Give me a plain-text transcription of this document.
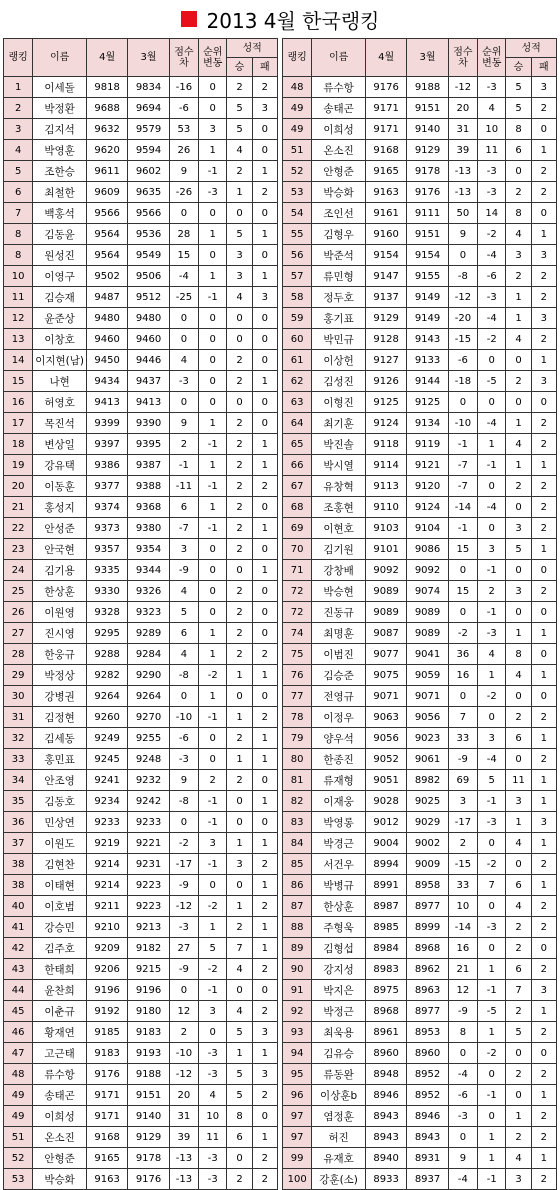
2013 4월 한국랭킹
랭킹	이름	4월	3월	점수차	순위변동	성적	
						승	패
1	이세돌	9818	9834	-16	0	2	2
2	박정환	9688	9694	-6	0	5	3
3	김지석	9632	9579	53	3	5	0
4	박영훈	9620	9594	26	1	4	0
5	조한승	9611	9602	9	-1	2	1
6	최철한	9609	9635	-26	-3	1	2
7	백홍석	9566	9566	0	0	0	0
8	김동윤	9564	9536	28	1	5	1
8	원성진	9564	9549	15	0	3	0
10	이영구	9502	9506	-4	1	3	1
11	김승재	9487	9512	-25	-1	4	3
12	윤준상	9480	9480	0	0	0	0
13	이창호	9460	9460	0	0	0	0
14	이지현(남)	9450	9446	4	0	2	0
15	나현	9434	9437	-3	0	2	1
16	허영호	9413	9413	0	0	0	0
17	목진석	9399	9390	9	1	2	0
18	변상일	9397	9395	2	-1	2	1
19	강유택	9386	9387	-1	1	2	1
20	이동훈	9377	9388	-11	-1	2	2
21	홍성지	9374	9368	6	1	2	0
22	안성준	9373	9380	-7	-1	2	1
23	안국현	9357	9354	3	0	2	0
24	김기용	9335	9344	-9	0	0	1
25	한상훈	9330	9326	4	0	2	0
26	이원영	9328	9323	5	0	2	0
27	진시영	9295	9289	6	1	2	0
28	한웅규	9288	9284	4	1	2	2
29	박정상	9282	9290	-8	-2	1	1
30	강병권	9264	9264	0	1	0	0
31	김정현	9260	9270	-10	-1	1	2
32	김세동	9249	9255	-6	0	2	1
33	홍민표	9245	9248	-3	0	1	1
34	안조영	9241	9232	9	2	2	0
35	김동호	9234	9242	-8	-1	0	1
36	민상연	9233	9233	0	-1	0	0
37	이원도	9219	9221	-2	3	1	1
38	김현찬	9214	9231	-17	-1	3	2
38	이태현	9214	9223	-9	0	0	1
40	이호범	9211	9223	-12	-2	1	2
41	강승민	9210	9213	-3	1	2	1
42	김주호	9209	9182	27	5	7	1
43	한태희	9206	9215	-9	-2	4	2
44	윤찬희	9196	9196	0	-1	0	0
45	이춘규	9192	9180	12	3	4	2
46	황재연	9185	9183	2	0	5	3
47	고근태	9183	9193	-10	-3	1	1
48	류수항	9176	9188	-12	-3	5	3
49	송태곤	9171	9151	20	4	5	2
49	이희성	9171	9140	31	10	8	0
51	온소진	9168	9129	39	11	6	1
52	안형준	9165	9178	-13	-3	0	2
53	박승화	9163	9176	-13	-3	2	2
랭킹	이름	4월	3월	점수차	순위변동	성적	
						승	패
48	류수항	9176	9188	-12	-3	5	3
49	송태곤	9171	9151	20	4	5	2
49	이희성	9171	9140	31	10	8	0
51	온소진	9168	9129	39	11	6	1
52	안형준	9165	9178	-13	-3	0	2
53	박승화	9163	9176	-13	-3	2	2
54	조인선	9161	9111	50	14	8	0
55	김형우	9160	9151	9	-2	4	1
56	박준석	9154	9154	0	-4	3	3
57	류민형	9147	9155	-8	-6	2	2
58	정두호	9137	9149	-12	-3	1	2
59	홍기표	9129	9149	-20	-4	1	3
60	박민규	9128	9143	-15	-2	4	2
61	이상헌	9127	9133	-6	0	0	1
62	김성진	9126	9144	-18	-5	2	3
63	이형진	9125	9125	0	0	0	0
64	최기훈	9124	9134	-10	-4	1	2
65	박진솔	9118	9119	-1	1	4	2
66	박시열	9114	9121	-7	-1	1	1
67	유창혁	9113	9120	-7	0	2	2
68	조홍현	9110	9124	-14	-4	0	2
69	이현호	9103	9104	-1	0	3	2
70	김기원	9101	9086	15	3	5	1
71	강창배	9092	9092	0	-1	0	0
72	박승현	9089	9074	15	2	3	2
72	진동규	9089	9089	0	-1	0	0
74	최명훈	9087	9089	-2	-3	1	1
75	이범진	9077	9041	36	4	8	0
76	김승준	9075	9059	16	1	4	1
77	전영규	9071	9071	0	-2	0	0
78	이정우	9063	9056	7	0	2	2
79	양우석	9056	9023	33	3	6	1
80	한종진	9052	9061	-9	-4	0	2
81	류재형	9051	8982	69	5	11	1
82	이재웅	9028	9025	3	-1	3	1
83	박영롱	9012	9029	-17	-3	1	3
84	박경근	9004	9002	2	0	4	1
85	서건우	8994	9009	-15	-2	0	2
86	박병규	8991	8958	33	7	6	1
87	한상훈	8987	8977	10	0	4	2
88	주형욱	8985	8999	-14	-3	2	2
89	김형섭	8984	8968	16	0	2	0
90	강지성	8983	8962	21	1	6	2
91	박지은	8975	8963	12	-1	7	3
92	박정근	8968	8977	-9	-5	2	1
93	최욱용	8961	8953	8	1	5	2
94	김유승	8960	8960	0	-2	0	0
95	류동완	8948	8952	-4	0	2	2
96	이상훈b	8946	8952	-6	-1	0	1
97	염정훈	8943	8946	-3	0	1	2
97	허진	8943	8943	0	1	2	2
99	유재호	8940	8931	9	1	4	1
100	강훈(소)	8933	8937	-4	-1	3	2
